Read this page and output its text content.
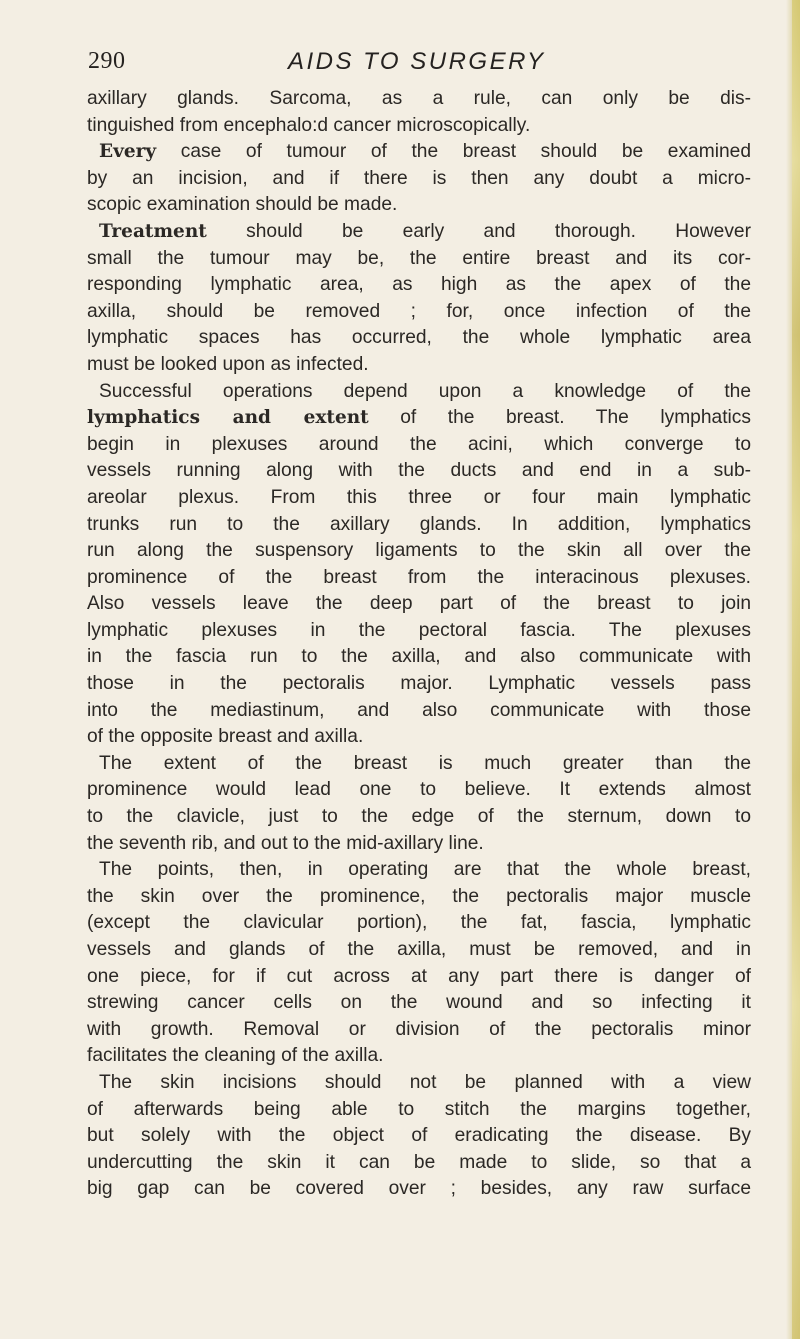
290	AIDS TO SURGERY
axillary glands. Sarcoma, as a rule, can only be dis-
tinguished from encephalo:d cancer microscopically.
Every case of tumour of the breast should be examined
by an incision, and if there is then any doubt a micro-
scopic examination should be made.
Treatment should be early and thorough. However
small the tumour may be, the entire breast and its cor-
responding lymphatic area, as high as the apex of the
axilla, should be removed ; for, once infection of the
lymphatic spaces has occurred, the whole lymphatic area
must be looked upon as infected.
Successful operations depend upon a knowledge of the
lymphatics and extent of the breast. The lymphatics
begin in plexuses around the acini, which converge to
vessels running along with the ducts and end in a sub-
areolar plexus. From this three or four main lymphatic
trunks run to the axillary glands. In addition, lymphatics
run along the suspensory ligaments to the skin all over the
prominence of the breast from the interacinous plexuses.
Also vessels leave the deep part of the breast to join
lymphatic plexuses in the pectoral fascia. The plexuses
in the fascia run to the axilla, and also communicate with
those in the pectoralis major. Lymphatic vessels pass
into the mediastinum, and also communicate with those
of the opposite breast and axilla.
The extent of the breast is much greater than the
prominence would lead one to believe. It extends almost
to the clavicle, just to the edge of the sternum, down to
the seventh rib, and out to the mid-axillary line.
The points, then, in operating are that the whole breast,
the skin over the prominence, the pectoralis major muscle
(except the clavicular portion), the fat, fascia, lymphatic
vessels and glands of the axilla, must be removed, and in
one piece, for if cut across at any part there is danger of
strewing cancer cells on the wound and so infecting it
with growth. Removal or division of the pectoralis minor
facilitates the cleaning of the axilla.
The skin incisions should not be planned with a view
of afterwards being able to stitch the margins together,
but solely with the object of eradicating the disease. By
undercutting the skin it can be made to slide, so that a
big gap can be covered over ; besides, any raw surface
